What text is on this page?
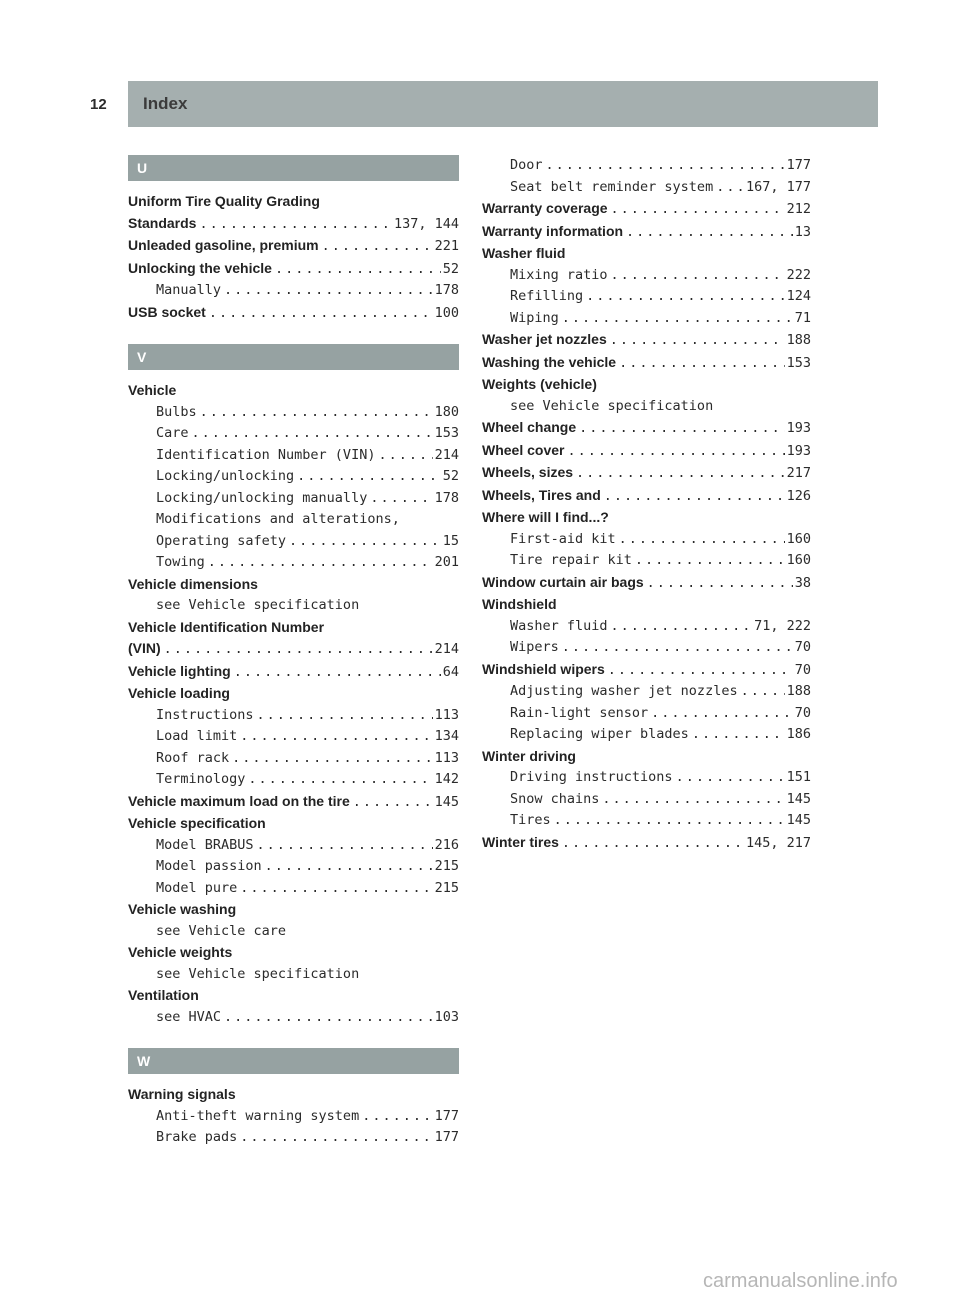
12 Index
U
Uniform Tire Quality Grading
Standards .....	137, 144
Unleaded gasoline, premium .....	221
Unlocking the vehicle .....	52
Manually .....	178
USB socket .....	100
V
Vehicle
Bulbs .....	180
Care .....	153
Identification Number (VIN) .....	214
Locking/unlocking .....	52
Locking/unlocking manually .....	178
Modifications and alterations,
Operating safety .....	15
Towing .....	201
Vehicle dimensions
see Vehicle specification
Vehicle Identification Number
(VIN) .....	214
Vehicle lighting .....	64
Vehicle loading
Instructions .....	113
Load limit .....	134
Roof rack .....	113
Terminology .....	142
Vehicle maximum load on the tire .....	145
Vehicle specification
Model BRABUS .....	216
Model passion .....	215
Model pure .....	215
Vehicle washing
see Vehicle care
Vehicle weights
see Vehicle specification
Ventilation
see HVAC .....	103
W
Warning signals
Anti-theft warning system .....	177
Brake pads .....	177
Door .....	177
Seat belt reminder system ..... 167, 177
Warranty coverage .....	212
Warranty information .....	13
Washer fluid
Mixing ratio .....	222
Refilling .....	124
Wiping .....	71
Washer jet nozzles .....	188
Washing the vehicle .....	153
Weights (vehicle)
see Vehicle specification
Wheel change .....	193
Wheel cover .....	193
Wheels, sizes .....	217
Wheels, Tires and .....	126
Where will I find...?
First-aid kit .....	160
Tire repair kit .....	160
Window curtain air bags .....	38
Windshield
Washer fluid .....	71, 222
Wipers .....	70
Windshield wipers .....	70
Adjusting washer jet nozzles .....	188
Rain-light sensor .....	70
Replacing wiper blades .....	186
Winter driving
Driving instructions .....	151
Snow chains .....	145
Tires .....	145
Winter tires .....	145, 217
carmanualsonline.info
